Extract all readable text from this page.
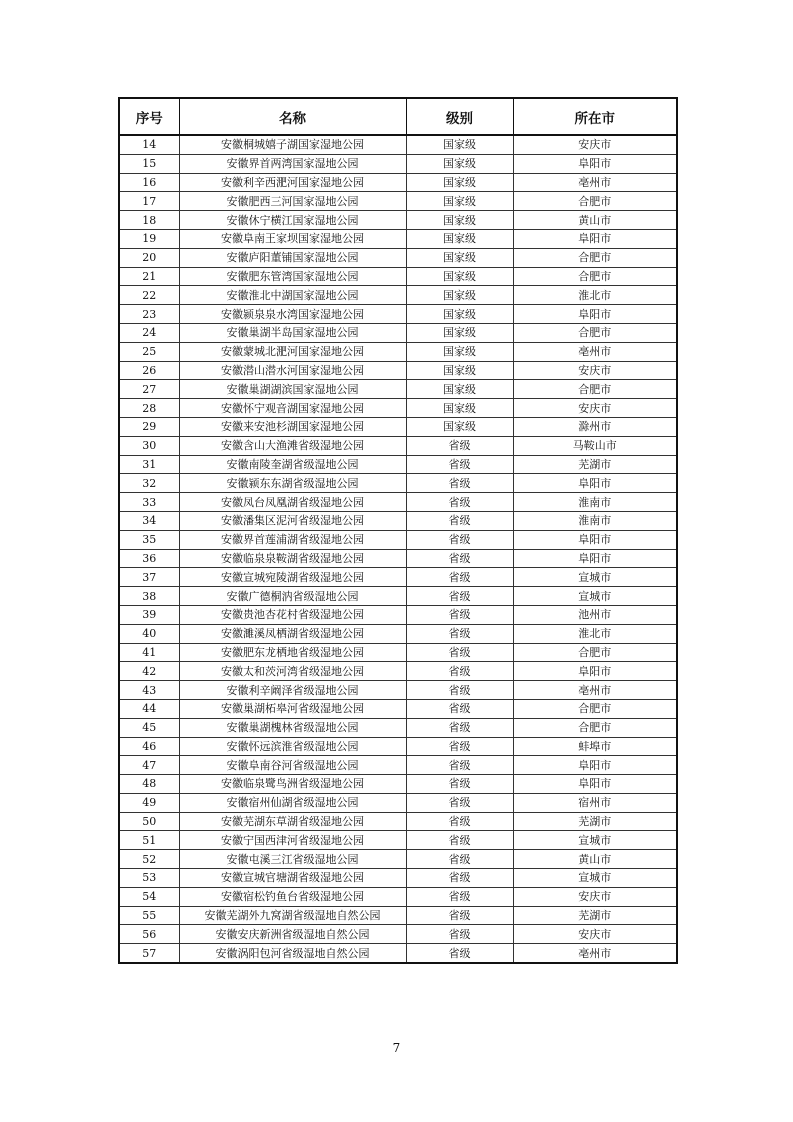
序号	名称	级别	所在市
14	安徽桐城嬉子湖国家湿地公园	国家级	安庆市
15	安徽界首两湾国家湿地公园	国家级	阜阳市
16	安徽利辛西淝河国家湿地公园	国家级	亳州市
17	安徽肥西三河国家湿地公园	国家级	合肥市
18	安徽休宁横江国家湿地公园	国家级	黄山市
19	安徽阜南王家坝国家湿地公园	国家级	阜阳市
20	安徽庐阳董铺国家湿地公园	国家级	合肥市
21	安徽肥东管湾国家湿地公园	国家级	合肥市
22	安徽淮北中湖国家湿地公园	国家级	淮北市
23	安徽颍泉泉水湾国家湿地公园	国家级	阜阳市
24	安徽巢湖半岛国家湿地公园	国家级	合肥市
25	安徽蒙城北淝河国家湿地公园	国家级	亳州市
26	安徽潜山潜水河国家湿地公园	国家级	安庆市
27	安徽巢湖湖滨国家湿地公园	国家级	合肥市
28	安徽怀宁观音湖国家湿地公园	国家级	安庆市
29	安徽来安池杉湖国家湿地公园	国家级	滁州市
30	安徽含山大渔滩省级湿地公园	省级	马鞍山市
31	安徽南陵奎湖省级湿地公园	省级	芜湖市
32	安徽颍东东湖省级湿地公园	省级	阜阳市
33	安徽凤台凤凰湖省级湿地公园	省级	淮南市
34	安徽潘集区泥河省级湿地公园	省级	淮南市
35	安徽界首莲浦湖省级湿地公园	省级	阜阳市
36	安徽临泉泉鞍湖省级湿地公园	省级	阜阳市
37	安徽宣城宛陵湖省级湿地公园	省级	宣城市
38	安徽广德桐汭省级湿地公园	省级	宣城市
39	安徽贵池杏花村省级湿地公园	省级	池州市
40	安徽濉溪凤栖湖省级湿地公园	省级	淮北市
41	安徽肥东龙栖地省级湿地公园	省级	合肥市
42	安徽太和茨河湾省级湿地公园	省级	阜阳市
43	安徽利辛阚泽省级湿地公园	省级	亳州市
44	安徽巢湖柘皋河省级湿地公园	省级	合肥市
45	安徽巢湖槐林省级湿地公园	省级	合肥市
46	安徽怀远滨淮省级湿地公园	省级	蚌埠市
47	安徽阜南谷河省级湿地公园	省级	阜阳市
48	安徽临泉鹭鸟洲省级湿地公园	省级	阜阳市
49	安徽宿州仙湖省级湿地公园	省级	宿州市
50	安徽芜湖东草湖省级湿地公园	省级	芜湖市
51	安徽宁国西津河省级湿地公园	省级	宣城市
52	安徽屯溪三江省级湿地公园	省级	黄山市
53	安徽宣城官塘湖省级湿地公园	省级	宣城市
54	安徽宿松钓鱼台省级湿地公园	省级	安庆市
55	安徽芜湖外九窝湖省级湿地自然公园	省级	芜湖市
56	安徽安庆新洲省级湿地自然公园	省级	安庆市
57	安徽涡阳包河省级湿地自然公园	省级	亳州市
7
